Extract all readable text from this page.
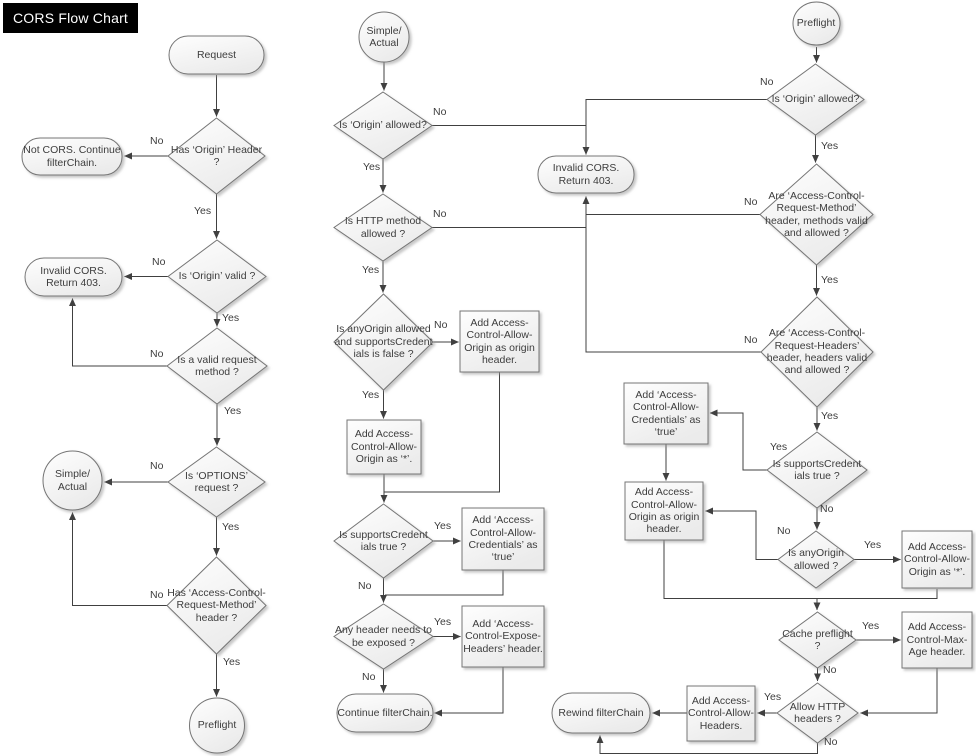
CORS Flow Chart
Request
Has ‘Origin’ Header ?
Not CORS. Continue filterChain.
Is ‘Origin’ valid ?
Invalid CORS. Return 403.
Is a valid request method ?
Simple/ Actual
Is ‘OPTIONS’ request ?
Has ‘Access-Control-Request-Method’ header ?
Preflight
Simple/ Actual
Is ‘Origin’ allowed?
Invalid CORS. Return 403.
Is HTTP method allowed ?
Is anyOrigin allowed and supportsCredent ials is false ?
Add Access-Control-Allow-Origin as origin header.
Add Access-Control-Allow-Origin as ‘*’.
Is supportsCredent ials true ?
Add ‘Access-Control-Allow-Credentials’ as ‘true’
Any header needs to be exposed ?
Add ‘Access-Control-Expose-Headers’ header.
Continue filterChain.
Preflight
Is ‘Origin’ allowed?
Are ‘Access-Control-Request-Method’ header, methods valid and allowed ?
Are ‘Access-Control-Request-Headers’ header, headers valid and allowed ?
Is supportsCredent ials true ?
Add ‘Access-Control-Allow-Credentials’ as ‘true’
Add Access-Control-Allow-Origin as origin header.
Is anyOrigin allowed ?
Add Access-Control-Allow-Origin as ‘*’.
Cache preflight ?
Add Access-Control-Max-Age header.
Allow HTTP headers ?
Add Access-Control-Allow-Headers.
Rewind filterChain
No
Yes
No
Yes
No
Yes
No
Yes
No
Yes
No
Yes
No
Yes
No
Yes
Yes
No
Yes
No
No
Yes
No
Yes
No
Yes
Yes
No
No
Yes
Yes
No
Yes
No
